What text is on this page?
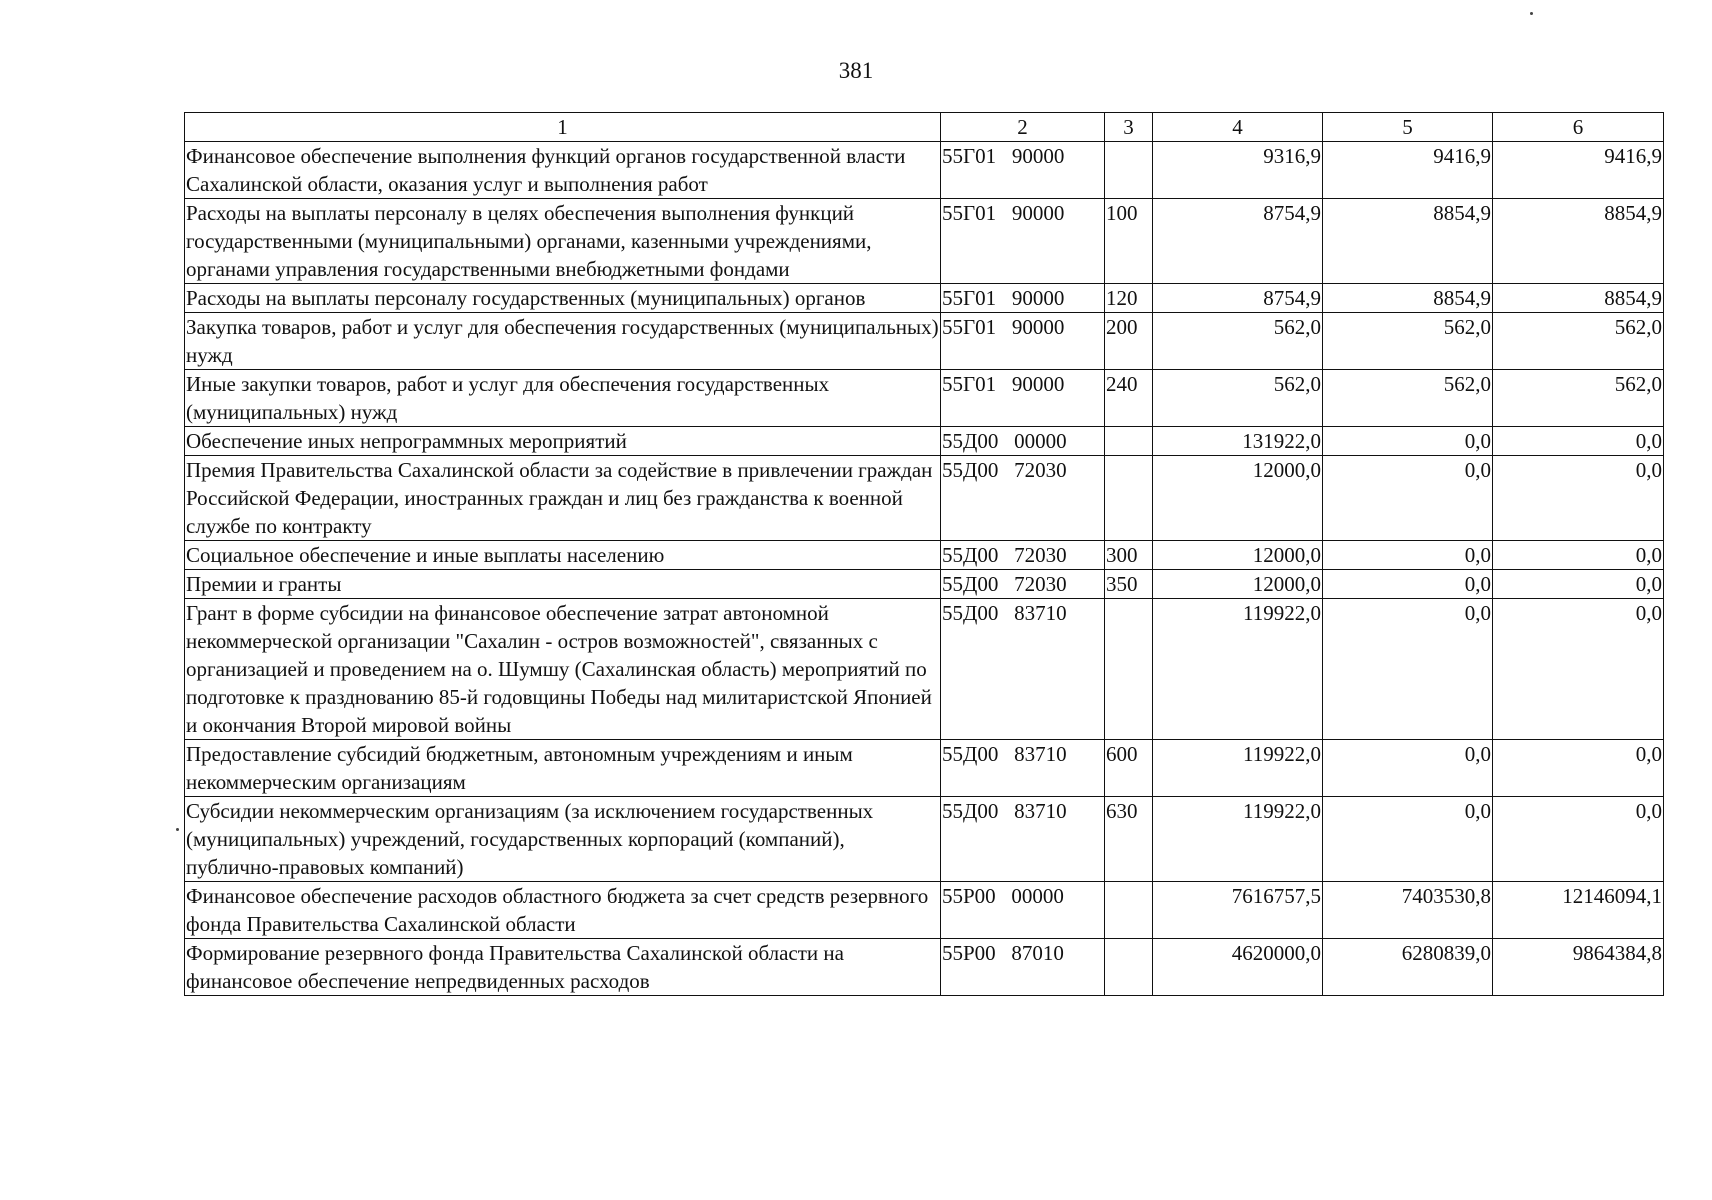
381
1	2	3	4	5	6
Финансовое обеспечение выполнения функций органов государственной власти Сахалинской области, оказания услуг и выполнения работ	55Г01   90000		9316,9	9416,9	9416,9
Расходы на выплаты персоналу в целях обеспечения выполнения функций государственными (муниципальными) органами, казенными учреждениями, органами управления государственными внебюджетными фондами	55Г01   90000	100	8754,9	8854,9	8854,9
Расходы на выплаты персоналу государственных (муниципальных) органов	55Г01   90000	120	8754,9	8854,9	8854,9
Закупка товаров, работ и услуг для обеспечения государственных (муниципальных) нужд	55Г01   90000	200	562,0	562,0	562,0
Иные закупки товаров, работ и услуг для обеспечения государственных (муниципальных) нужд	55Г01   90000	240	562,0	562,0	562,0
Обеспечение иных непрограммных мероприятий	55Д00   00000		131922,0	0,0	0,0
Премия Правительства Сахалинской области за содействие в привлечении граждан Российской Федерации, иностранных граждан и лиц без гражданства к военной службе по контракту	55Д00   72030		12000,0	0,0	0,0
Социальное обеспечение и иные выплаты населению	55Д00   72030	300	12000,0	0,0	0,0
Премии и гранты	55Д00   72030	350	12000,0	0,0	0,0
Грант в форме субсидии на финансовое обеспечение затрат автономной некоммерческой организации "Сахалин - остров возможностей", связанных с организацией и проведением на о. Шумшу (Сахалинская область) мероприятий по подготовке к празднованию 85-й годовщины Победы над милитаристской Японией и окончания Второй мировой войны	55Д00   83710		119922,0	0,0	0,0
Предоставление субсидий бюджетным, автономным учреждениям и иным некоммерческим организациям	55Д00   83710	600	119922,0	0,0	0,0
Субсидии некоммерческим организациям (за исключением государственных (муниципальных) учреждений, государственных корпораций (компаний), публично-правовых компаний)	55Д00   83710	630	119922,0	0,0	0,0
Финансовое обеспечение расходов областного бюджета за счет средств резервного фонда Правительства Сахалинской области	55Р00   00000		7616757,5	7403530,8	12146094,1
Формирование резервного фонда Правительства Сахалинской области на финансовое обеспечение непредвиденных расходов	55Р00   87010		4620000,0	6280839,0	9864384,8
